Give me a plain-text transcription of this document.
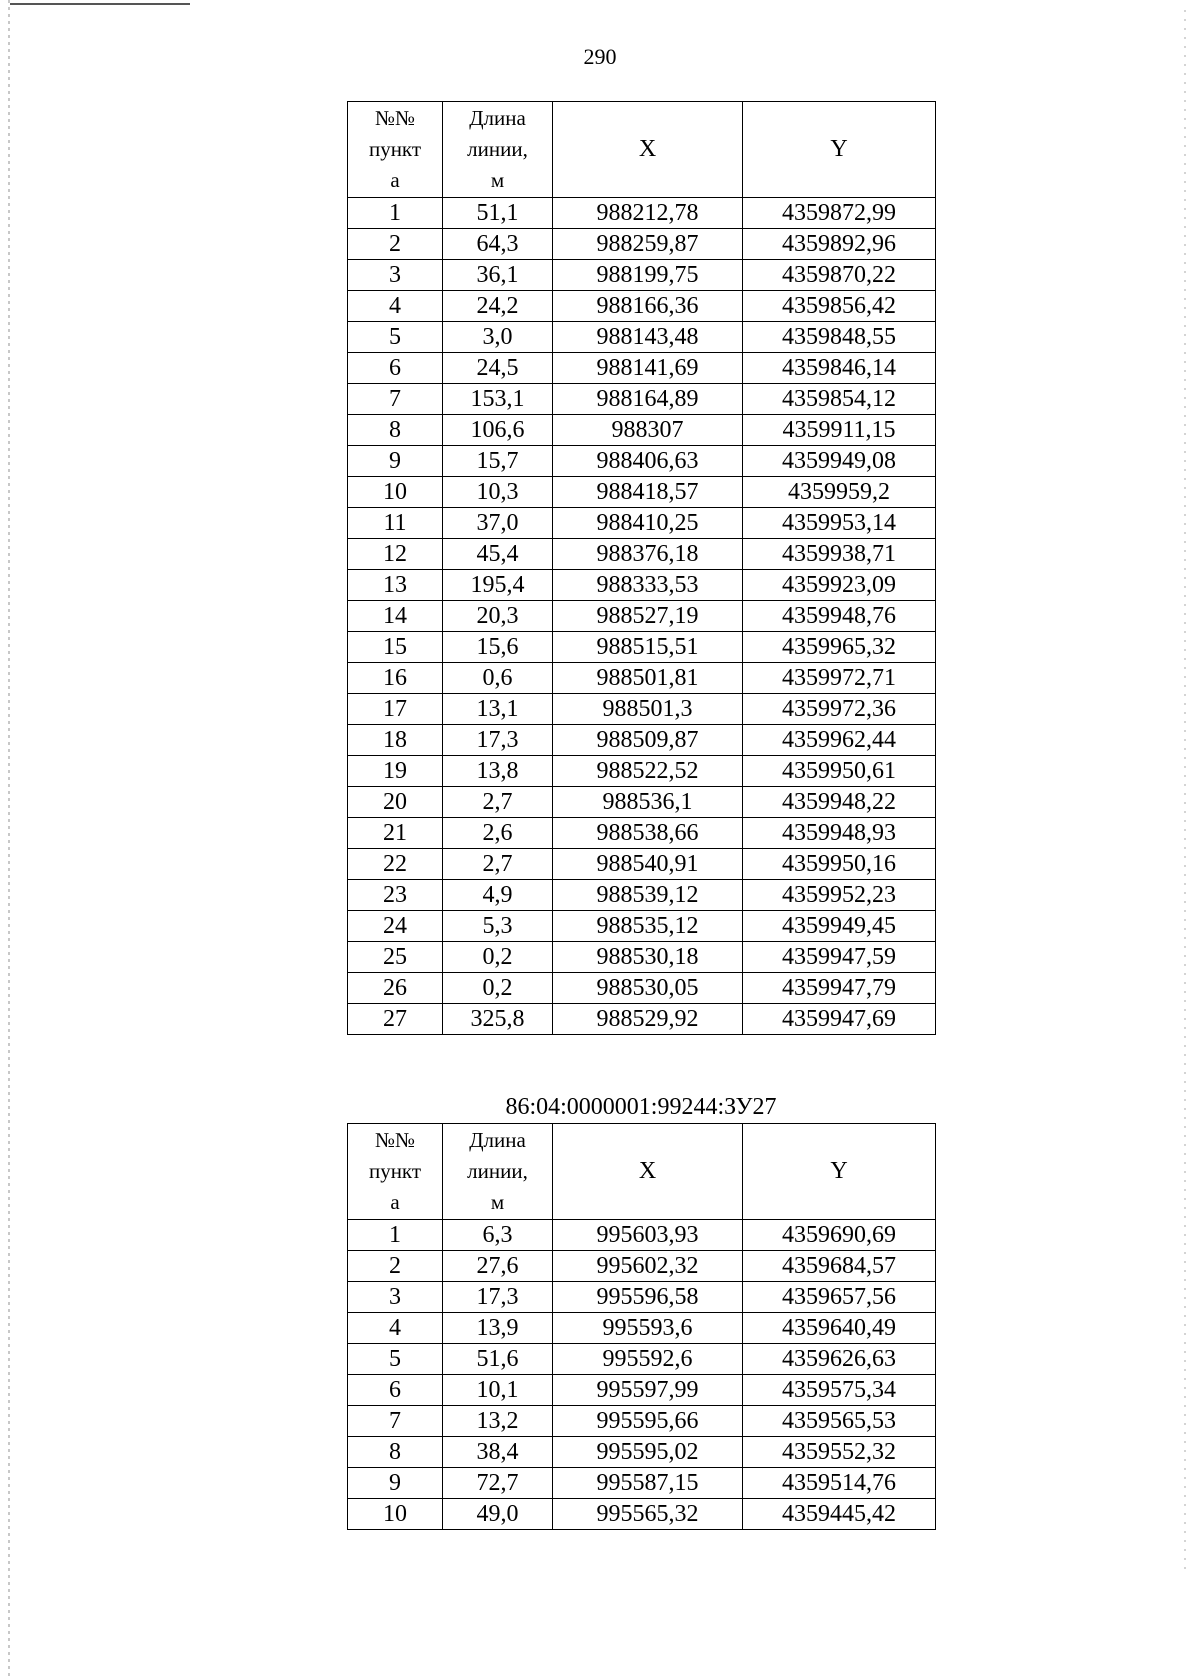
290
№№
пункт
а	Длина
линии,
м	X	Y
1	51,1	988212,78	4359872,99
2	64,3	988259,87	4359892,96
3	36,1	988199,75	4359870,22
4	24,2	988166,36	4359856,42
5	3,0	988143,48	4359848,55
6	24,5	988141,69	4359846,14
7	153,1	988164,89	4359854,12
8	106,6	988307	4359911,15
9	15,7	988406,63	4359949,08
10	10,3	988418,57	4359959,2
11	37,0	988410,25	4359953,14
12	45,4	988376,18	4359938,71
13	195,4	988333,53	4359923,09
14	20,3	988527,19	4359948,76
15	15,6	988515,51	4359965,32
16	0,6	988501,81	4359972,71
17	13,1	988501,3	4359972,36
18	17,3	988509,87	4359962,44
19	13,8	988522,52	4359950,61
20	2,7	988536,1	4359948,22
21	2,6	988538,66	4359948,93
22	2,7	988540,91	4359950,16
23	4,9	988539,12	4359952,23
24	5,3	988535,12	4359949,45
25	0,2	988530,18	4359947,59
26	0,2	988530,05	4359947,79
27	325,8	988529,92	4359947,69
86:04:0000001:99244:ЗУ27
№№
пункт
а	Длина
линии,
м	X	Y
1	6,3	995603,93	4359690,69
2	27,6	995602,32	4359684,57
3	17,3	995596,58	4359657,56
4	13,9	995593,6	4359640,49
5	51,6	995592,6	4359626,63
6	10,1	995597,99	4359575,34
7	13,2	995595,66	4359565,53
8	38,4	995595,02	4359552,32
9	72,7	995587,15	4359514,76
10	49,0	995565,32	4359445,42
